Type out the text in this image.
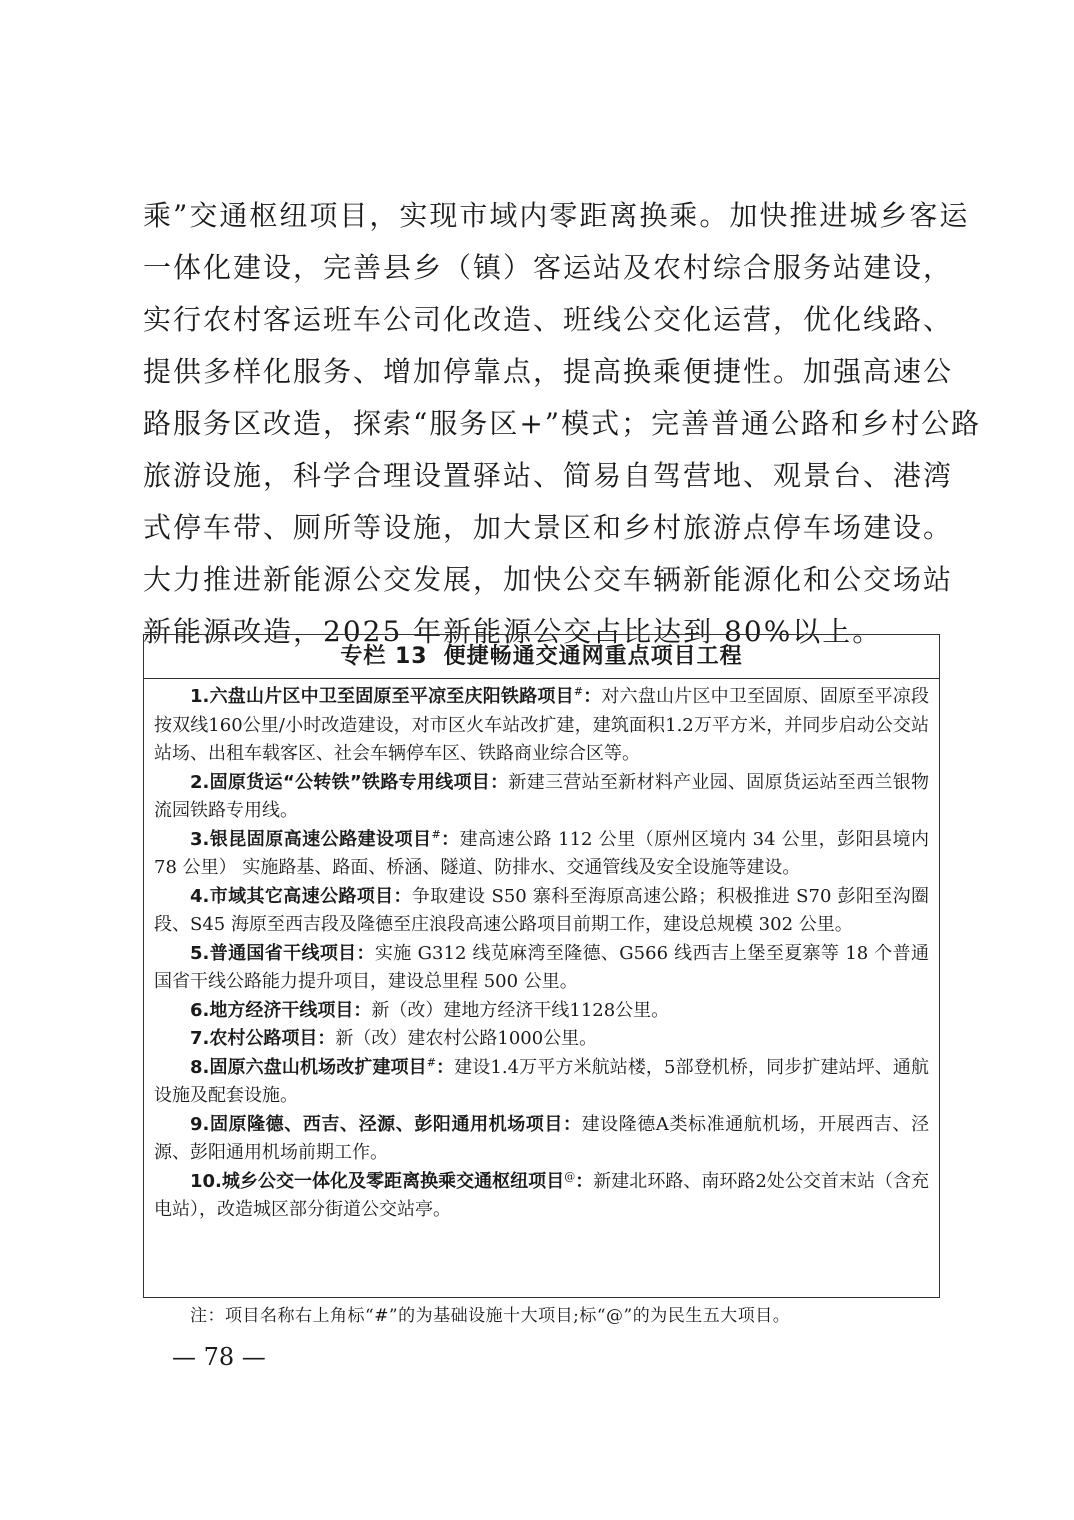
乘”交通枢纽项目，实现市域内零距离换乘。加快推进城乡客运

一体化建设，完善县乡（镇）客运站及农村综合服务站建设，

实行农村客运班车公司化改造、班线公交化运营，优化线路、

提供多样化服务、增加停靠点，提高换乘便捷性。加强高速公

路服务区改造，探索“服务区+”模式；完善普通公路和乡村公路

旅游设施，科学合理设置驿站、简易自驾营地、观景台、港湾

式停车带、厕所等设施，加大景区和乡村旅游点停车场建设。

大力推进新能源公交发展，加快公交车辆新能源化和公交场站

新能源改造，2025 年新能源公交占比达到 80%以上。

专栏 13 便捷畅通交通网重点项目工程

1.六盘山片区中卫至固原至平凉至庆阳铁路项目#：对六盘山片区中卫至固原、固原至平凉段按双线160公里/小时改造建设，对市区火车站改扩建，建筑面积1.2万平方米，并同步启动公交站站场、出租车载客区、社会车辆停车区、铁路商业综合区等。

2.固原货运“公转铁”铁路专用线项目：新建三营站至新材料产业园、固原货运站至西兰银物流园铁路专用线。

3.银昆固原高速公路建设项目#：建高速公路 112 公里（原州区境内 34 公里，彭阳县境内 78 公里） 实施路基、路面、桥涵、隧道、防排水、交通管线及安全设施等建设。

4.市域其它高速公路项目：争取建设 S50 寨科至海原高速公路；积极推进 S70 彭阳至沟圈段、S45 海原至西吉段及隆德至庄浪段高速公路项目前期工作，建设总规模 302 公里。

5.普通国省干线项目：实施 G312 线苋麻湾至隆德、G566 线西吉上堡至夏寨等 18 个普通国省干线公路能力提升项目，建设总里程 500 公里。

6.地方经济干线项目：新（改）建地方经济干线1128公里。

7.农村公路项目：新（改）建农村公路1000公里。

8.固原六盘山机场改扩建项目#：建设1.4万平方米航站楼，5部登机桥，同步扩建站坪、通航设施及配套设施。

9.固原隆德、西吉、泾源、彭阳通用机场项目：建设隆德A类标准通航机场，开展西吉、泾源、彭阳通用机场前期工作。

10.城乡公交一体化及零距离换乘交通枢纽项目@：新建北环路、南环路2处公交首末站（含充电站），改造城区部分街道公交站亭。

注：项目名称右上角标“#”的为基础设施十大项目;标“@”的为民生五大项目。
— 78 —
